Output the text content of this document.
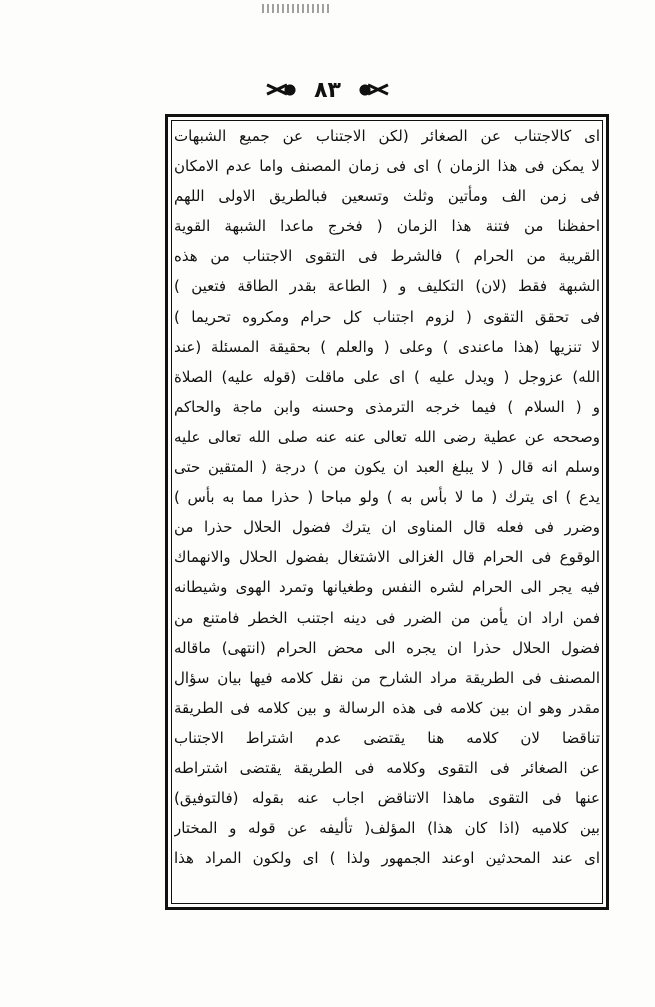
٨٣
اى كالاجتناب عن الصغائر (لكن الاجتناب عن جميع الشبهات
لا يمكن فى هذا الزمان ) اى فى زمان المصنف واما عدم الامكان
فى زمن الف ومأتين وثلث وتسعين فبالطريق الاولى اللهم
احفظنا من فتنة هذا الزمان ( فخرج ماعدا الشبهة القوية
القريبة من الحرام ) فالشرط فى التقوى الاجتناب من هذه
الشبهة فقط (لان) التكليف و ( الطاعة بقدر الطاقة فتعين )
فى تحقق التقوى ( لزوم اجتناب كل حرام ومكروه تحريما )
لا تنزيها (هذا ماعندى ) وعلى ( والعلم ) بحقيقة المسئلة (عند
الله) عزوجل ( ويدل عليه ) اى على ماقلت (قوله عليه) الصلاة
و ( السلام ) فيما خرجه الترمذى وحسنه وابن ماجة والحاكم
وصححه عن عطية رضى الله تعالى عنه عنه صلى الله تعالى عليه
وسلم انه قال ( لا يبلغ العبد ان يكون من ) درجة ( المتقين حتى
يدع ) اى يترك ( ما لا بأس به ) ولو مباحا ( حذرا مما به بأس )
وضرر فى فعله قال المناوى ان يترك فضول الحلال حذرا من
الوقوع فى الحرام قال الغزالى الاشتغال بفضول الحلال والانهماك
فيه يجر الى الحرام لشره النفس وطغيانها وتمرد الهوى وشيطانه
فمن اراد ان يأمن من الضرر فى دينه اجتنب الخطر فامتنع من
فضول الحلال حذرا ان يجره الى محض الحرام (انتهى) ماقاله
المصنف فى الطريقة مراد الشارح من نقل كلامه فيها بيان سؤال
مقدر وهو ان بين كلامه فى هذه الرسالة و بين كلامه فى الطريقة
تناقضا لان كلامه هنا يقتضى عدم اشتراط الاجتناب
عن الصغائر فى التقوى وكلامه فى الطريقة يقتضى اشتراطه
عنها فى التقوى ماهذا الاتناقض اجاب عنه بقوله (فالتوفيق)
بين كلاميه (اذا كان هذا) المؤلف( تأليفه عن قوله و المختار
اى عند المحدثين اوعند الجمهور ولذا ) اى ولكون المراد هذا
